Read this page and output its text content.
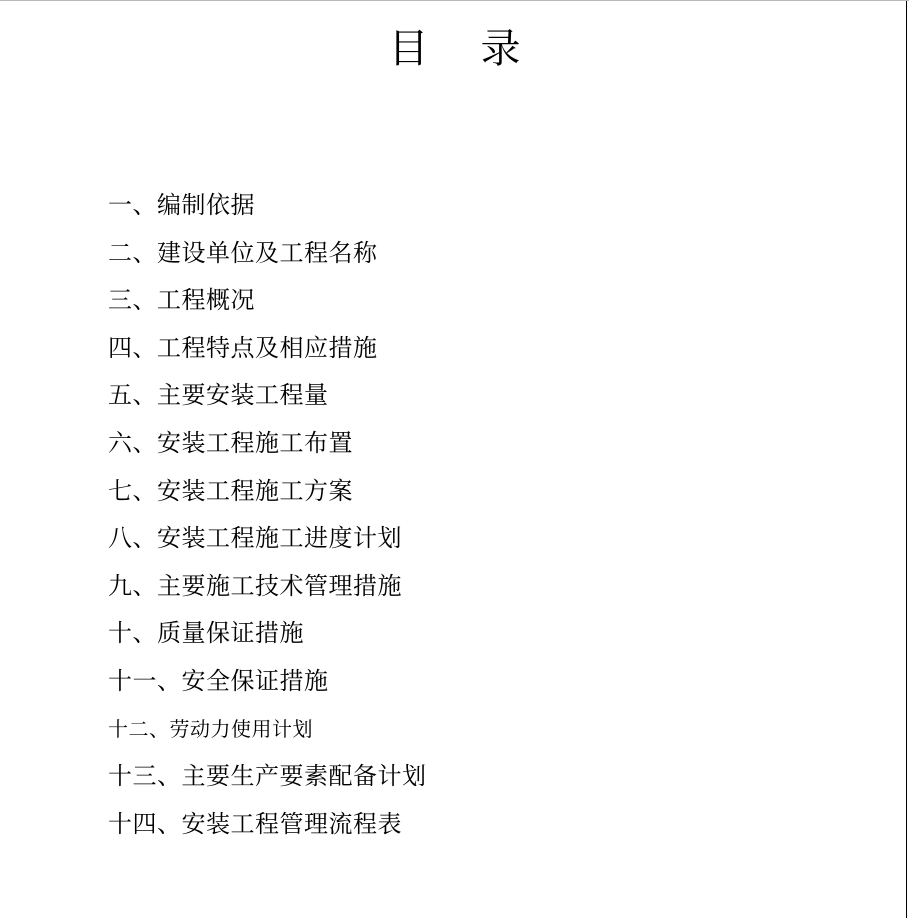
目 录
一、编制依据
二、建设单位及工程名称
三、工程概况
四、工程特点及相应措施
五、主要安装工程量
六、安装工程施工布置
七、安装工程施工方案
八、安装工程施工进度计划
九、主要施工技术管理措施
十、质量保证措施
十一、安全保证措施
十二、劳动力使用计划
十三、主要生产要素配备计划
十四、安装工程管理流程表
